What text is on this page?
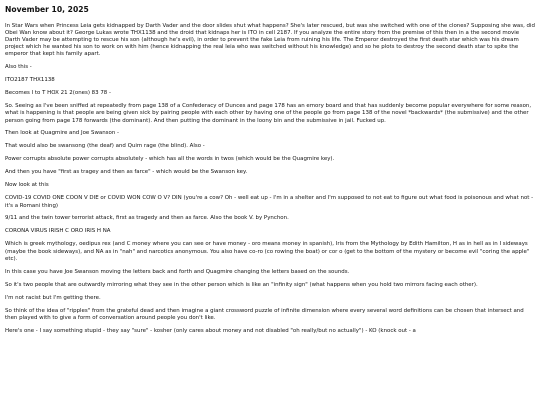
November 10, 2025

In Star Wars when Princess Leia gets kidnapped by Darth Vader and the door slides shut what happens? She's later rescued, but was she switched with one of the clones? Supposing she was, did Obei Wan know about it? George Lukas wrote THX1138 and the droid that kidnaps her is ITO in cell 2187. If you analyze the entire story from the premise of this then in a the second movie Darth Vader may be attempting to rescue his son (although he's evil), in order to prevent the fake Leia from ruining his life. The Emperor destroyed the first death star which was his dream project which he wanted his son to work on with him (hence kidnapping the real leia who was switched without his knowledge) and so he plots to destroy the second death star to spite the emperor that kept his family apart.

Also this -

ITO2187 THX1138

Becomes I to T HOX 21 2(ones) 83 78 -

So. Seeing as I've been sniffed at repeatedly from page 138 of a Confederacy of Dunces and page 178 has an emory board and that has suddenly become popular everywhere for some reason, what is happening is that people are being given sick by pairing people with each other by having one of the people go from page 138 of the novel *backwards* (the submissive) and the other person going from page 178 forwards (the dominant). And then putting the dominant in the loony bin and the submissive in jail. Fucked up.

Then look at Quagmire and Joe Swanson -

That would also be swansong (the deaf) and Quim rage (the blind). Also -

Power corrupts absolute power corrupts absolutely - which has all the words in twos (which would be the Quagmire key).

And then you have "first as tragey and then as farce" - which would be the Swanson key.

Now look at this

COVID-19 COVID ONE COON V DIE or COVID WON COW O V? DIN (you're a cow? Oh - well eat up - I'm in a shelter and I'm supposed to not eat to figure out what food is poisonous and what not - it's a Romani thing)

9/11 and the twin tower terrorist attack, first as tragedy and then as farce. Also the book V. by Pynchon.

CORONA VIRUS IRISH C ORO IRIS H NA

Which is greek mythology, oedipus rex (and C money where you can see or have money - oro means money in spanish), Iris from the Mythology by Edith Hamilton, H as in hell as in I sideways (maybe the book sideways), and NA as in "nah" and narcotics anonymous. You also have co-ro (co rowing the boat) or cor o (get to the bottom of the mystery or become evil "coring the apple" etc).

In this case you have Joe Swanson moving the letters back and forth and Quagmire changing the letters based on the sounds.

So it's two people that are outwardly mirroring what they see in the other person which is like an "infinity sign" (what happens when you hold two mirrors facing each other).

I'm not racist but I'm getting there.

So think of the idea of "ripples" from the grateful dead and then imagine a giant crossword puzzle of infinite dimension where every several word definitions can be chosen that intersect and then played with to give a form of conversation around people you don't like.

Here's one - I say something stupid - they say "sure" - kosher (only cares about money and not disabled "oh really/but no actually") - KO (knock out - a
